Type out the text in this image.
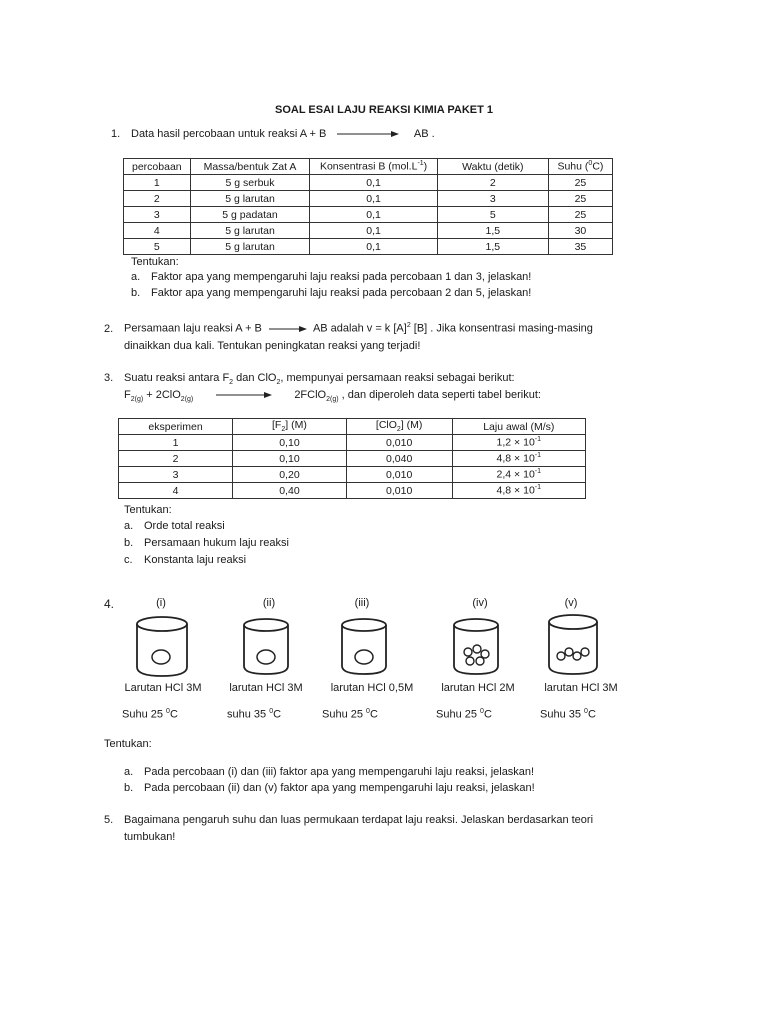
SOAL ESAI LAJU REAKSI KIMIA PAKET 1
1. Data hasil percobaan untuk reaksi A + B	AB .
percobaan	Massa/bentuk Zat A	Konsentrasi B $(mol.L^{-1})$	Waktu (detik)	Suhu ($^0$C)
1	5 g serbuk	0,1	2	25
2	5 g larutan	0,1	3	25
3	5 g padatan	0,1	5	25
4	5 g larutan	0,1	1,5	30
5	5 g larutan	0,1	1,5	35
Tentukan:
a. Faktor apa yang mempengaruhi laju reaksi pada percobaan 1 dan 3, jelaskan!
b. Faktor apa yang mempengaruhi laju reaksi pada percobaan 2 dan 5, jelaskan!
2. Persamaan laju reaksi A + B → AB adalah v = k $[A]^2$ [B] . Jika konsentrasi masing-masing
dinaikkan dua kali. Tentukan peningkatan reaksi yang terjadi!
3. Suatu reaksi antara $F_2$ dan ClO$_2$, mempunyai persamaan reaksi sebagai berikut:
$F_{2(g)} + 2ClO_{2(g)}$	2FClO$_{2(g)}$ , dan diperoleh data seperti tabel berikut:
eksperimen	$[F_2]$ (M)	[ClO$_2$] (M)	Laju awal (M/s)
1	0,10	0,010	$1,2 \times 10^{-1}$
2	0,10	0,040	$4,8 \times 10^{-1}$
3	0,20	0,010	$2,4 \times 10^{-1}$
4	0,40	0,010	$4,8 \times 10^{-1}$
Tentukan:
a. Orde total reaksi
b. Persamaan hukum laju reaksi
c. Konstanta laju reaksi
4.	(i)	(ii)	(iii)	(iv)	(v)
Larutan HCl 3M	larutan HCl 3M	larutan HCl 0,5M	larutan HCl 2M	larutan HCl 3M
Suhu 25 $^0$C	suhu 35 $^0$C	Suhu 25 $^0$C	Suhu 25 $^0$C	Suhu 35 $^0$C
Tentukan:
a. Pada percobaan (i) dan (iii) faktor apa yang mempengaruhi laju reaksi, jelaskan!
b. Pada percobaan (ii) dan (v) faktor apa yang mempengaruhi laju reaksi, jelaskan!
5. Bagaimana pengaruh suhu dan luas permukaan terdapat laju reaksi. Jelaskan berdasarkan teori
tumbukan!
